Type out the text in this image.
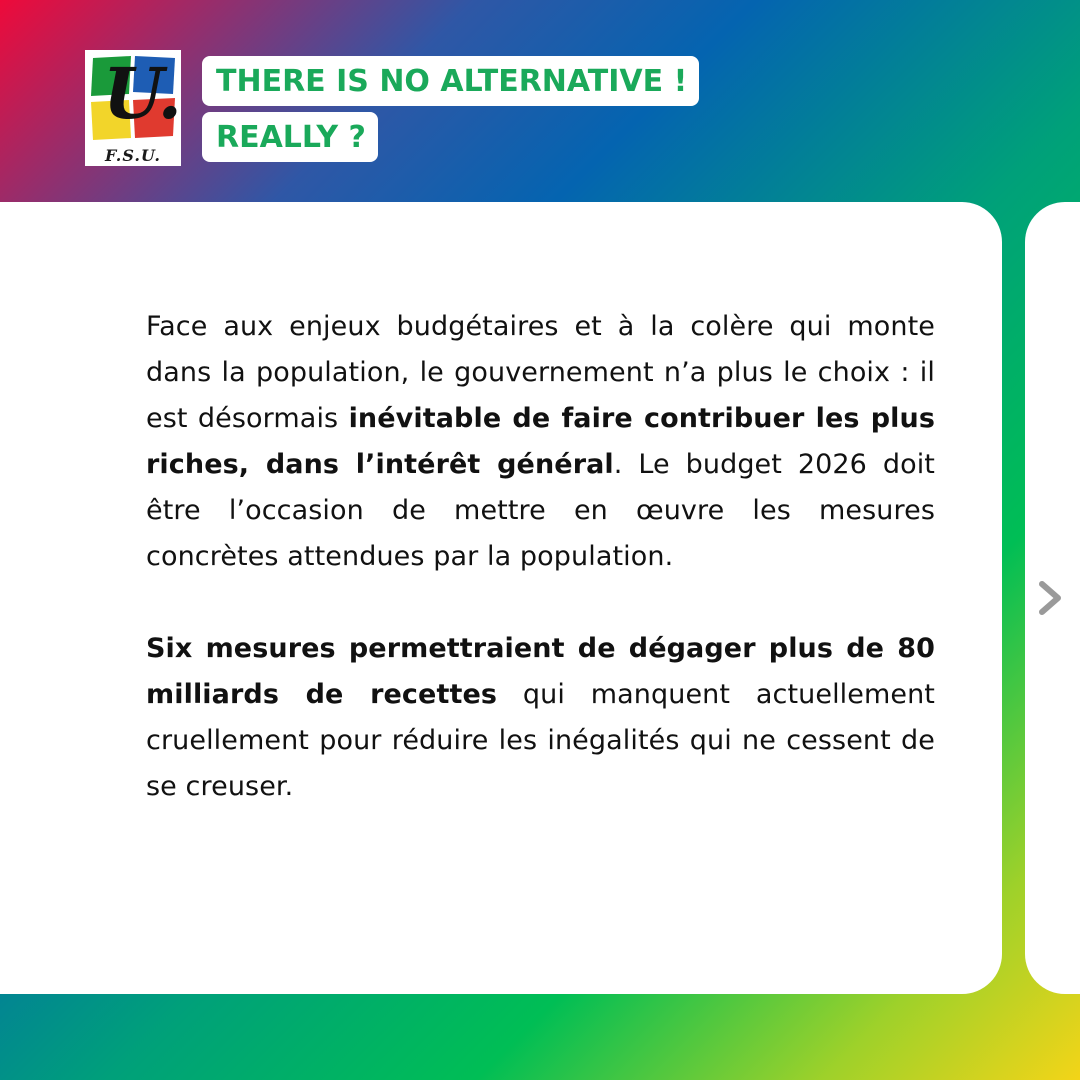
U.
F.S.U.
THERE IS NO ALTERNATIVE !
REALLY ?

Face aux enjeux budgétaires et à la colère qui monte dans la population, le gouvernement n’a plus le choix : il est désormais inévitable de faire contribuer les plus riches, dans l’intérêt général. Le budget 2026 doit être l’occasion de mettre en œuvre les mesures concrètes attendues par la population.

Six mesures permettraient de dégager plus de 80 milliards de recettes qui manquent actuellement cruellement pour réduire les inégalités qui ne cessent de se creuser.
